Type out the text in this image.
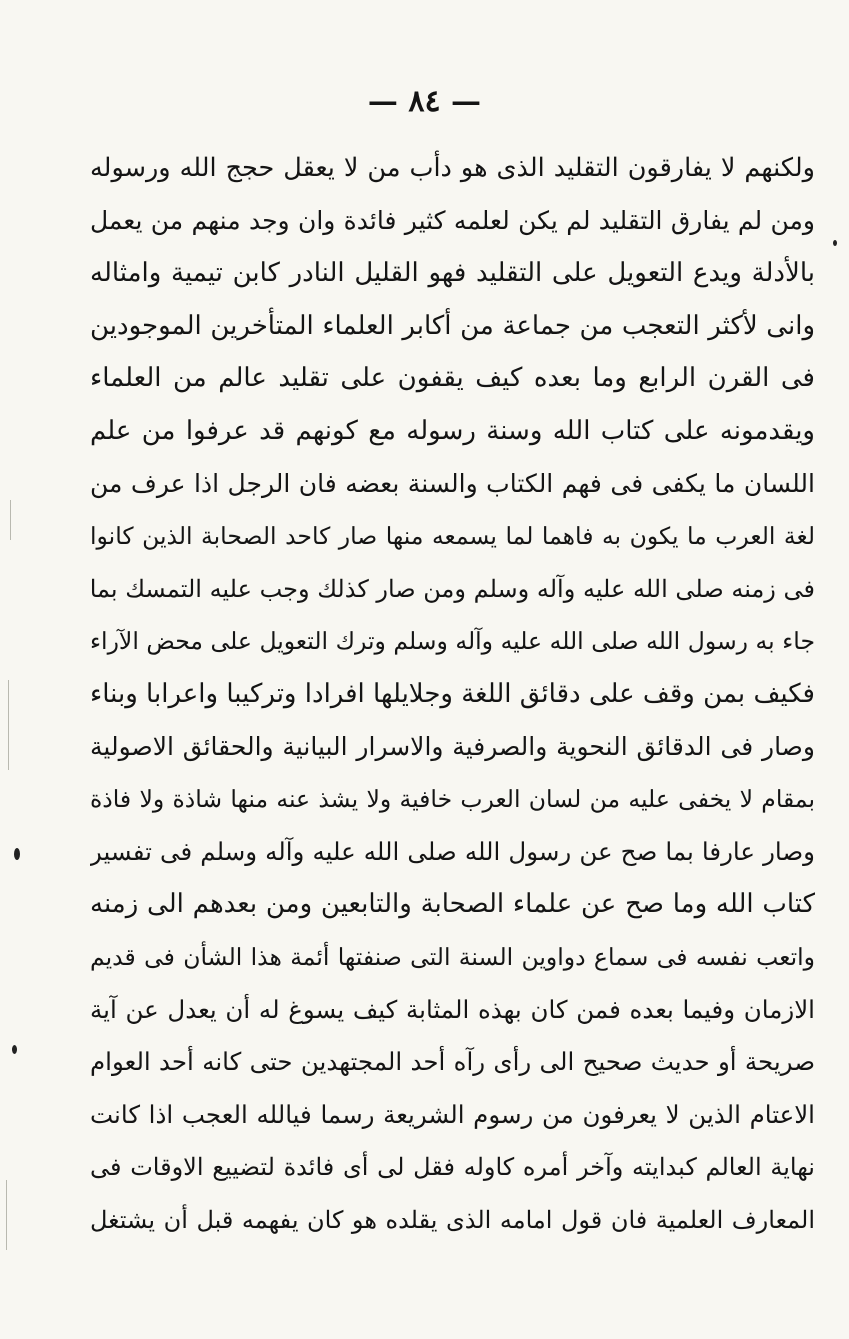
— ٨٤ —
ولكنهم لا يفارقون التقليد الذى هو دأب من لا يعقل حجج الله ورسوله
ومن لم يفارق التقليد لم يكن لعلمه كثير فائدة وان وجد منهم من يعمل
بالأدلة ويدع التعويل على التقليد فهو القليل النادر كابن تيمية وامثاله
وانى لأكثر التعجب من جماعة من أكابر العلماء المتأخرين الموجودين
فى القرن الرابع وما بعده كيف يقفون على تقليد عالم من العلماء
ويقدمونه على كتاب الله وسنة رسوله مع كونهم قد عرفوا من علم
اللسان ما يكفى فى فهم الكتاب والسنة بعضه فان الرجل اذا عرف من
لغة العرب ما يكون به فاهما لما يسمعه منها صار كاحد الصحابة الذين كانوا
فى زمنه صلى الله عليه وآله وسلم ومن صار كذلك وجب عليه التمسك بما
جاء به رسول الله صلى الله عليه وآله وسلم وترك التعويل على محض الآراء
فكيف بمن وقف على دقائق اللغة وجلايلها افرادا وتركيبا واعرابا وبناء
وصار فى الدقائق النحوية والصرفية والاسرار البيانية والحقائق الاصولية
بمقام لا يخفى عليه من لسان العرب خافية ولا يشذ عنه منها شاذة ولا فاذة
وصار عارفا بما صح عن رسول الله صلى الله عليه وآله وسلم فى تفسير
كتاب الله وما صح عن علماء الصحابة والتابعين ومن بعدهم الى زمنه
واتعب نفسه فى سماع دواوين السنة التى صنفتها أئمة هذا الشأن فى قديم
الازمان وفيما بعده فمن كان بهذه المثابة كيف يسوغ له أن يعدل عن آية
صريحة أو حديث صحيح الى رأى رآه أحد المجتهدين حتى كانه أحد العوام
الاعتام الذين لا يعرفون من رسوم الشريعة رسما فيالله العجب اذا كانت
نهاية العالم كبدايته وآخر أمره كاوله فقل لى أى فائدة لتضييع الاوقات فى
المعارف العلمية فان قول امامه الذى يقلده هو كان يفهمه قبل أن يشتغل
